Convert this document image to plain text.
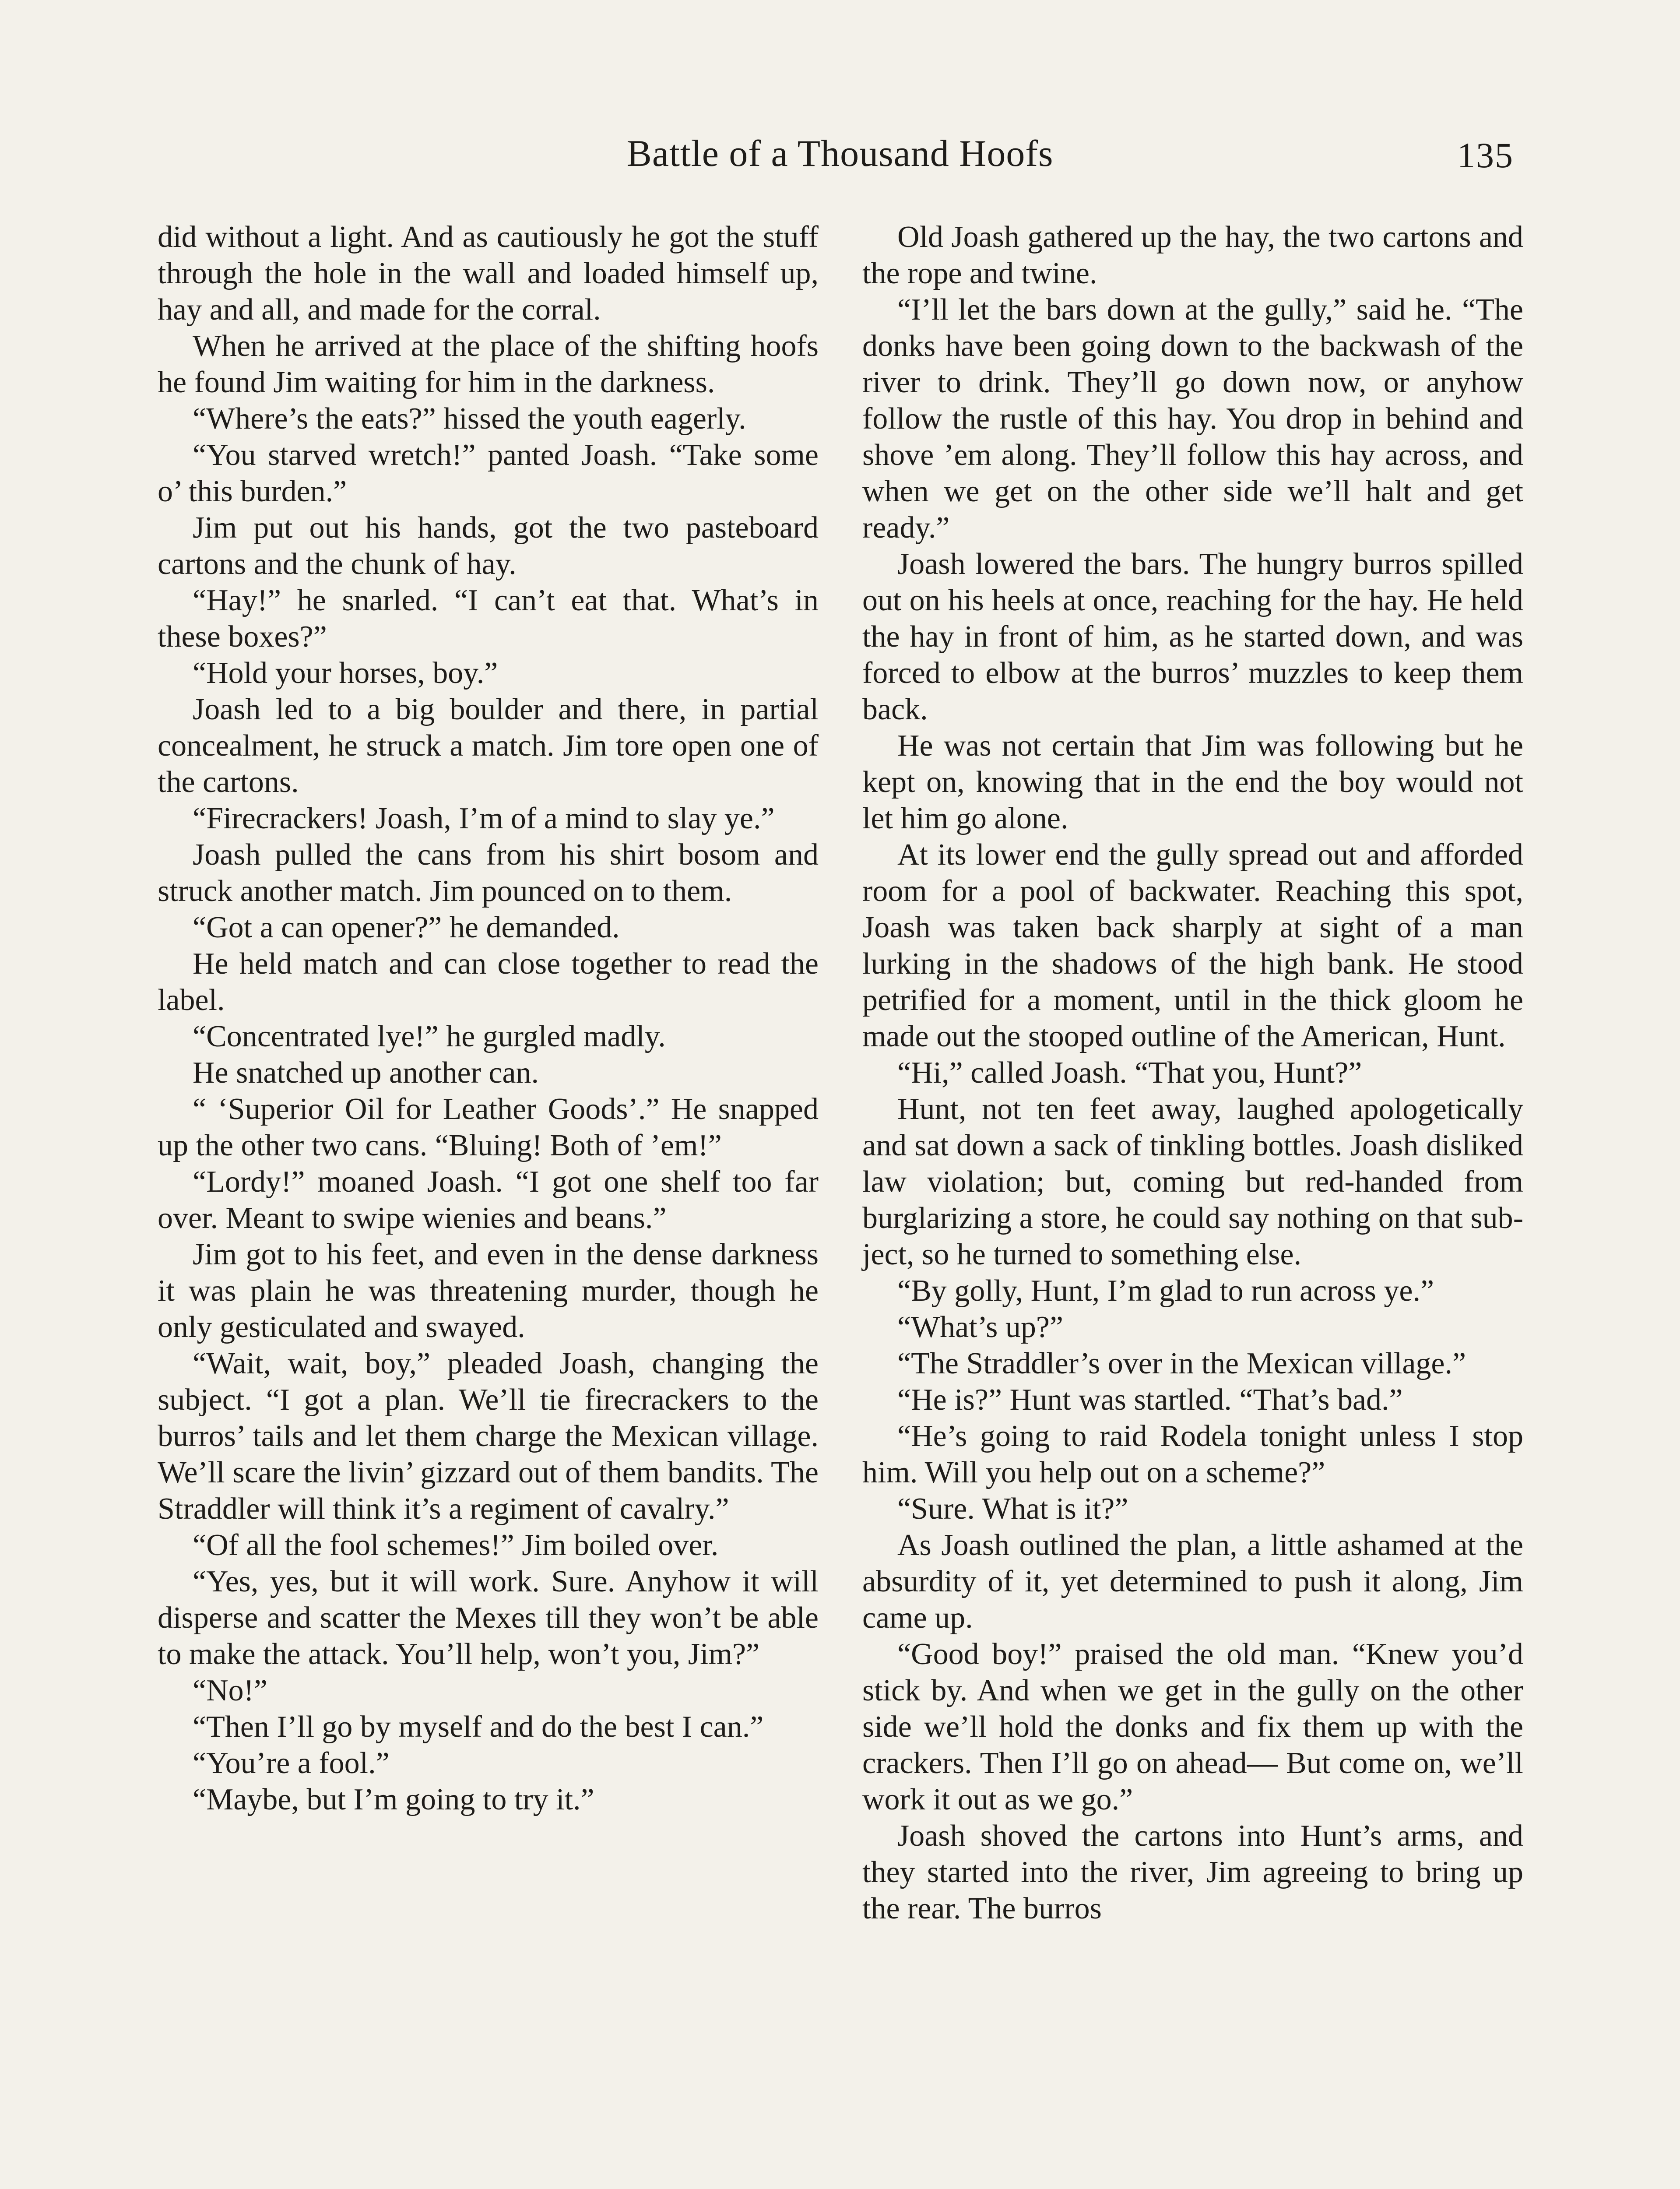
Battle of a Thousand Hoofs	135

did without a light. And as cautiously he got the stuff through the hole in the wall and loaded himself up, hay and all, and made for the corral.

When he arrived at the place of the shifting hoofs he found Jim waiting for him in the darkness.

“Where’s the eats?” hissed the youth eagerly.

“You starved wretch!” panted Joash. “Take some o’ this burden.”

Jim put out his hands, got the two pasteboard cartons and the chunk of hay.

“Hay!” he snarled. “I can’t eat that. What’s in these boxes?”

“Hold your horses, boy.”

Joash led to a big boulder and there, in partial concealment, he struck a match. Jim tore open one of the cartons.

“Firecrackers! Joash, I’m of a mind to slay ye.”

Joash pulled the cans from his shirt bosom and struck another match. Jim pounced on to them.

“Got a can opener?” he demanded.

He held match and can close together to read the label.

“Concentrated lye!” he gurgled madly.

He snatched up another can.

“ ‘Superior Oil for Leather Goods’.” He snapped up the other two cans. “Bluing! Both of ’em!”

“Lordy!” moaned Joash. “I got one shelf too far over. Meant to swipe wienies and beans.”

Jim got to his feet, and even in the dense darkness it was plain he was threatening murder, though he only gesticulated and swayed.

“Wait, wait, boy,” pleaded Joash, changing the subject. “I got a plan. We’ll tie firecrackers to the burros’ tails and let them charge the Mexican village. We’ll scare the livin’ gizzard out of them bandits. The Straddler will think it’s a regiment of cavalry.”

“Of all the fool schemes!” Jim boiled over.

“Yes, yes, but it will work. Sure. Anyhow it will disperse and scatter the Mexes till they won’t be able to make the attack. You’ll help, won’t you, Jim?”

“No!”

“Then I’ll go by myself and do the best I can.”

“You’re a fool.”

“Maybe, but I’m going to try it.”

Old Joash gathered up the hay, the two cartons and the rope and twine.

“I’ll let the bars down at the gully,” said he. “The donks have been going down to the backwash of the river to drink. They’ll go down now, or anyhow follow the rustle of this hay. You drop in behind and shove ’em along. They’ll follow this hay across, and when we get on the other side we’ll halt and get ready.”

Joash lowered the bars. The hungry burros spilled out on his heels at once, reaching for the hay. He held the hay in front of him, as he started down, and was forced to elbow at the burros’ muzzles to keep them back.

He was not certain that Jim was following but he kept on, knowing that in the end the boy would not let him go alone.

At its lower end the gully spread out and afforded room for a pool of backwater. Reaching this spot, Joash was taken back sharply at sight of a man lurking in the shadows of the high bank. He stood petrified for a moment, until in the thick gloom he made out the stooped outline of the American, Hunt.

“Hi,” called Joash. “That you, Hunt?”

Hunt, not ten feet away, laughed apologetically and sat down a sack of tinkling bottles. Joash disliked law violation; but, coming but red-handed from burglarizing a store, he could say nothing on that subject, so he turned to something else.

“By golly, Hunt, I’m glad to run across ye.”

“What’s up?”

“The Straddler’s over in the Mexican village.”

“He is?” Hunt was startled. “That’s bad.”

“He’s going to raid Rodela tonight unless I stop him. Will you help out on a scheme?”

“Sure. What is it?”

As Joash outlined the plan, a little ashamed at the absurdity of it, yet determined to push it along, Jim came up.

“Good boy!” praised the old man. “Knew you’d stick by. And when we get in the gully on the other side we’ll hold the donks and fix them up with the crackers. Then I’ll go on ahead— But come on, we’ll work it out as we go.”

Joash shoved the cartons into Hunt’s arms, and they started into the river, Jim agreeing to bring up the rear. The burros
